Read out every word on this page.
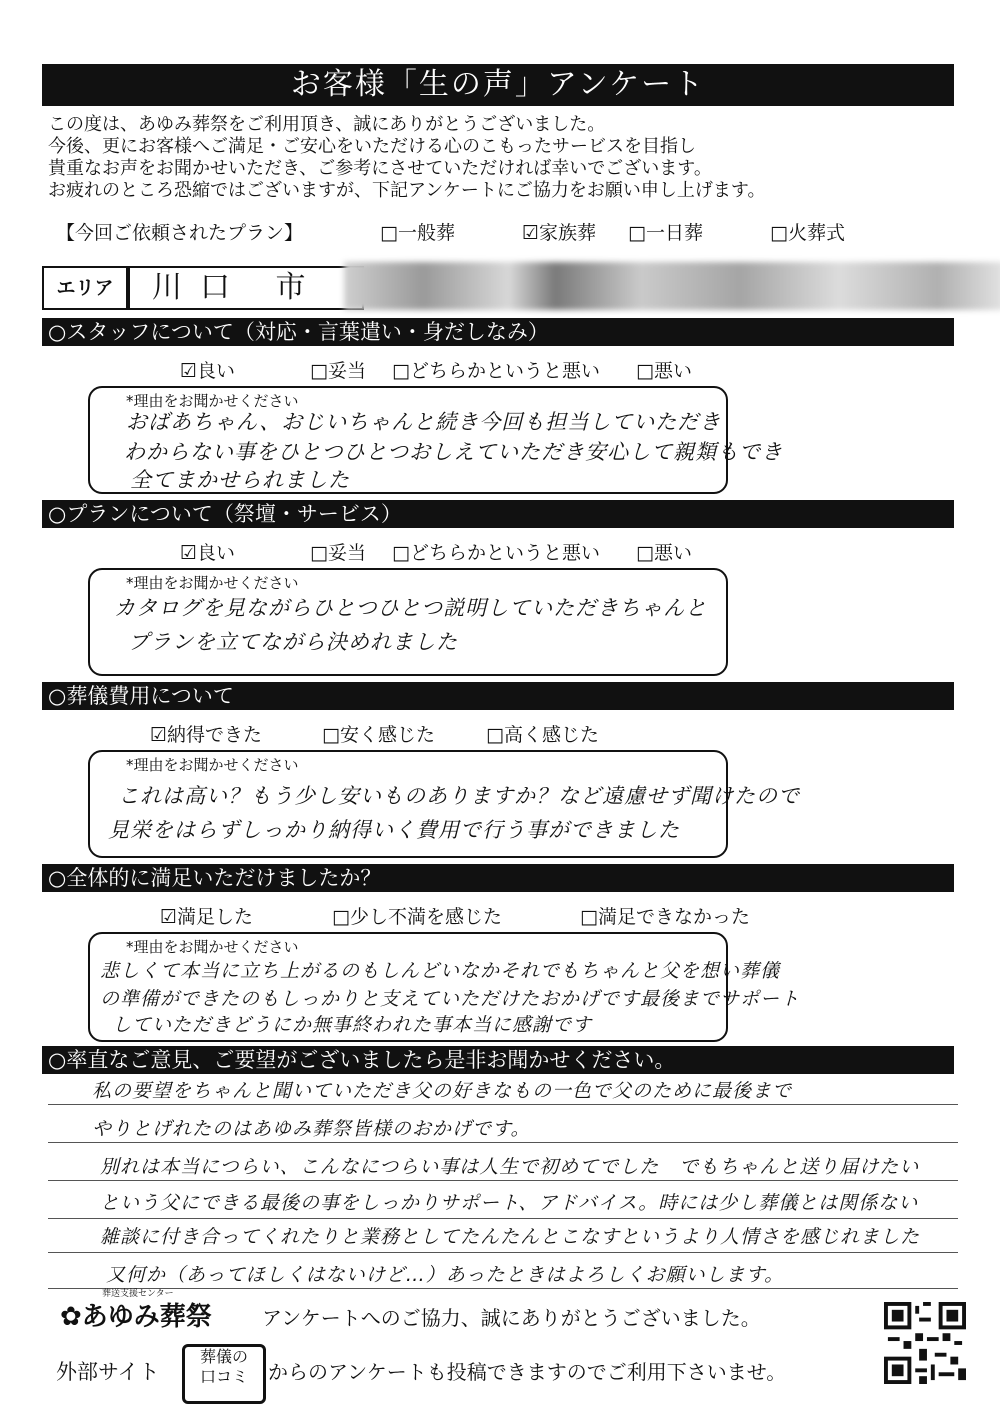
お客様「生の声」アンケート
この度は、あゆみ葬祭をご利用頂き、誠にありがとうございました。
今後、更にお客様へご満足・ご安心をいただける心のこもったサービスを目指し
貴重なお声をお聞かせいただき、ご参考にさせていただければ幸いでございます。
お疲れのところ恐縮ではございますが、下記アンケートにご協力をお願い申し上げます。
【今回ご依頼されたプラン】	□一般葬	☑家族葬 □一日葬	□火葬式
エリア	川口 市
○スタッフについて（対応・言葉遣い・身だしなみ）
☑良い	□妥当 □どちらかというと悪い □悪い
*理由をお聞かせください
おばあちゃん、おじいちゃんと続き今回も担当していただき
わからない事をひとつひとつおしえていただき安心して親類もでき
全てまかせられました
○プランについて（祭壇・サービス）
☑良い	□妥当 □どちらかというと悪い □悪い
*理由をお聞かせください
カタログを見ながらひとつひとつ説明していただきちゃんと
プランを立てながら決めれました
○葬儀費用について
☑納得できた	□安く感じた	□高く感じた
*理由をお聞かせください
これは高い？もう少し安いものありますか？など遠慮せず聞けたので
見栄をはらずしっかり納得いく費用で行う事ができました
○全体的に満足いただけましたか？
☑満足した	□少し不満を感じた	□満足できなかった
*理由をお聞かせください
悲しくて本当に立ち上がるのもしんどいなかそれでもちゃんと父を想い葬儀
の準備ができたのもしっかりと支えていただけたおかげです最後までサポート
していただきどうにか無事終われた事本当に感謝です
○率直なご意見、ご要望がございましたら是非お聞かせください。
私の要望をちゃんと聞いていただき父の好きなもの一色で父のために最後まで
やりとげれたのはあゆみ葬祭皆様のおかげです。
別れは本当につらい、こんなにつらい事は人生で初めてでした　でもちゃんと送り届けたい
という父にできる最後の事をしっかりサポート、アドバイス。時には少し葬儀とは関係ない
雑談に付き合ってくれたりと業務としてたんたんとこなすというより人情さを感じれました
又何か（あってほしくはないけど…）あったときはよろしくお願いします。
葬送支援センター
✿あゆみ葬祭	アンケートへのご協力、誠にありがとうございました。
外部サイト
葬儀の
口コミ	からのアンケートも投稿できますのでご利用下さいませ。
